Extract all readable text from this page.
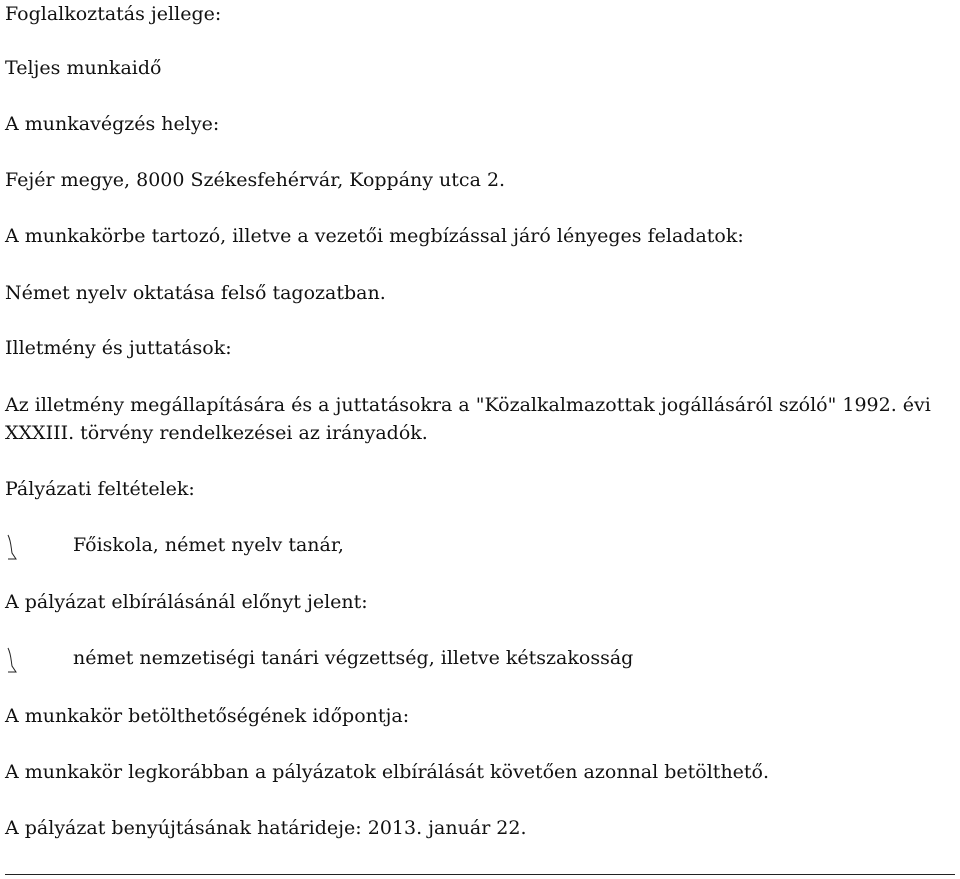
Foglalkoztatás jellege:

Teljes munkaidő

A munkavégzés helye:

Fejér megye, 8000 Székesfehérvár, Koppány utca 2.

A munkakörbe tartozó, illetve a vezetői megbízással járó lényeges feladatok:

Német nyelv oktatása felső tagozatban.

Illetmény és juttatások:

Az illetmény megállapítására és a juttatásokra a "Közalkalmazottak jogállásáról szóló" 1992. évi XXXIII. törvény rendelkezései az irányadók.

Pályázati feltételek:

Főiskola, német nyelv tanár,

A pályázat elbírálásánál előnyt jelent:

német nemzetiségi tanári végzettség, illetve kétszakosság

A munkakör betölthetőségének időpontja:

A munkakör legkorábban a pályázatok elbírálását követően azonnal betölthető.

A pályázat benyújtásának határideje: 2013. január 22.
